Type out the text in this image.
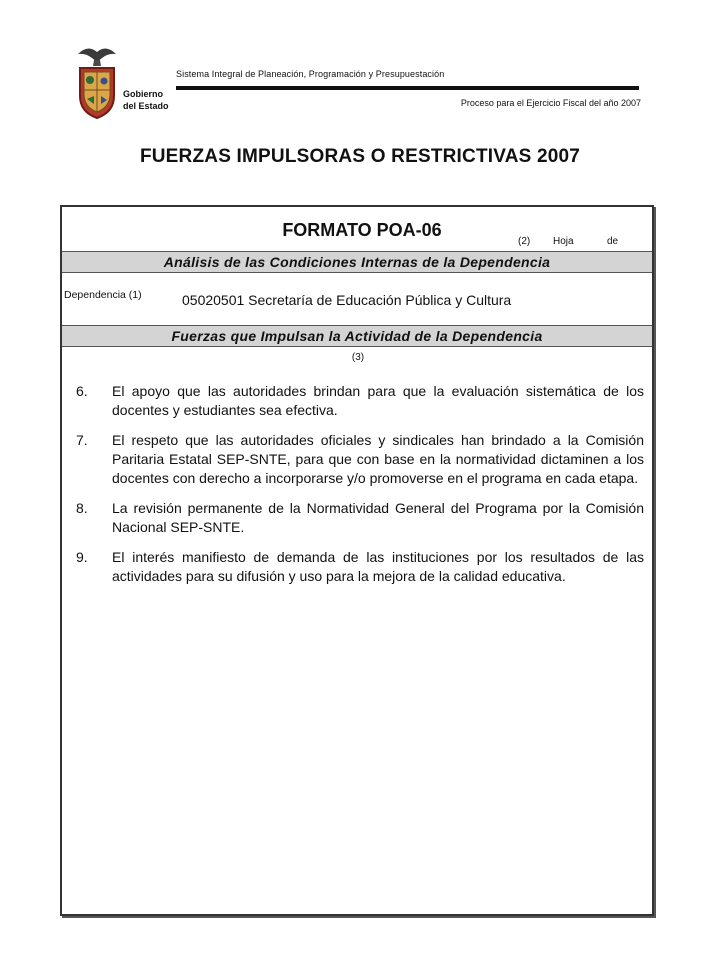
Gobierno
del Estado
Sistema Integral de Planeación, Programación y Presupuestación
Proceso para el Ejercicio Fiscal del año 2007
FUERZAS IMPULSORAS O RESTRICTIVAS 2007
FORMATO POA-06
(2) Hoja	de
Análisis de las Condiciones Internas de la Dependencia
Dependencia (1)	05020501 Secretaría de Educación Pública y Cultura
Fuerzas que Impulsan la Actividad de la Dependencia
(3)
6. El apoyo que las autoridades brindan para que la evaluación sistemática de los docentes y estudiantes sea efectiva.
7. El respeto que las autoridades oficiales y sindicales han brindado a la Comisión Paritaria Estatal SEP-SNTE, para que con base en la normatividad dictaminen a los docentes con derecho a incorporarse y/o promoverse en el programa en cada etapa.
8. La revisión permanente de la Normatividad General del Programa por la Comisión Nacional SEP-SNTE.
9. El interés manifiesto de demanda de las instituciones por los resultados de las actividades para su difusión y uso para la mejora de la calidad educativa.
